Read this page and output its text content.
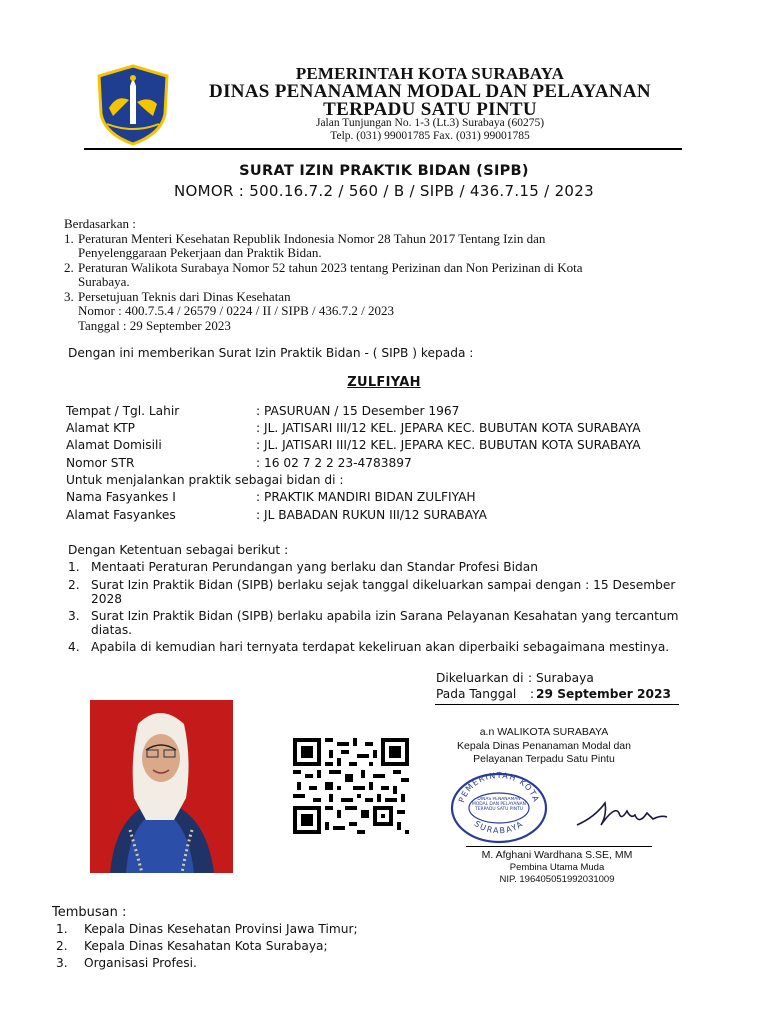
PEMERINTAH KOTA SURABAYA
DINAS PENANAMAN MODAL DAN PELAYANAN
TERPADU SATU PINTU
Jalan Tunjungan No. 1-3 (Lt.3) Surabaya (60275)
Telp. (031) 99001785 Fax. (031) 99001785
SURAT IZIN PRAKTIK BIDAN (SIPB)
NOMOR : 500.16.7.2 / 560 / B / SIPB / 436.7.15 / 2023
Berdasarkan :
1. Peraturan Menteri Kesehatan Republik Indonesia Nomor 28 Tahun 2017 Tentang Izin dan
Penyelenggaraan Pekerjaan dan Praktik Bidan.
2. Peraturan Walikota Surabaya Nomor 52 tahun 2023 tentang Perizinan dan Non Perizinan di Kota
Surabaya.
3. Persetujuan Teknis dari Dinas Kesehatan
Nomor : 400.7.5.4 / 26579 / 0224 / II / SIPB / 436.7.2 / 2023
Tanggal : 29 September 2023
Dengan ini memberikan Surat Izin Praktik Bidan - ( SIPB ) kepada :
ZULFIYAH
Tempat / Tgl. Lahir	: PASURUAN / 15 Desember 1967
Alamat KTP	: JL. JATISARI III/12 KEL. JEPARA KEC. BUBUTAN KOTA SURABAYA
Alamat Domisili	: JL. JATISARI III/12 KEL. JEPARA KEC. BUBUTAN KOTA SURABAYA
Nomor STR	: 16 02 7 2 2 23-4783897
Untuk menjalankan praktik sebagai bidan di :
Nama Fasyankes I	: PRAKTIK MANDIRI BIDAN ZULFIYAH
Alamat Fasyankes	: JL BABADAN RUKUN III/12 SURABAYA
Dengan Ketentuan sebagai berikut :
1. Mentaati Peraturan Perundangan yang berlaku dan Standar Profesi Bidan
2. Surat Izin Praktik Bidan (SIPB) berlaku sejak tanggal dikeluarkan sampai dengan : 15 Desember
2028
3. Surat Izin Praktik Bidan (SIPB) berlaku apabila izin Sarana Pelayanan Kesahatan yang tercantum
diatas.
4. Apabila di kemudian hari ternyata terdapat kekeliruan akan diperbaiki sebagaimana mestinya.
Dikeluarkan di : Surabaya
Pada Tanggal : 29 September 2023
a.n WALIKOTA SURABAYA
Kepala Dinas Penanaman Modal dan
Pelayanan Terpadu Satu Pintu
PEMERINTAH KOTA
SURABAYA
DINAS PENANAMAN MODAL DAN PELAYANAN TERPADU SATU PINTU
M. Afghani Wardhana S.SE, MM
Pembina Utama Muda
NIP. 196405051992031009
Tembusan :
1. Kepala Dinas Kesehatan Provinsi Jawa Timur;
2. Kepala Dinas Kesahatan Kota Surabaya;
3. Organisasi Profesi.
